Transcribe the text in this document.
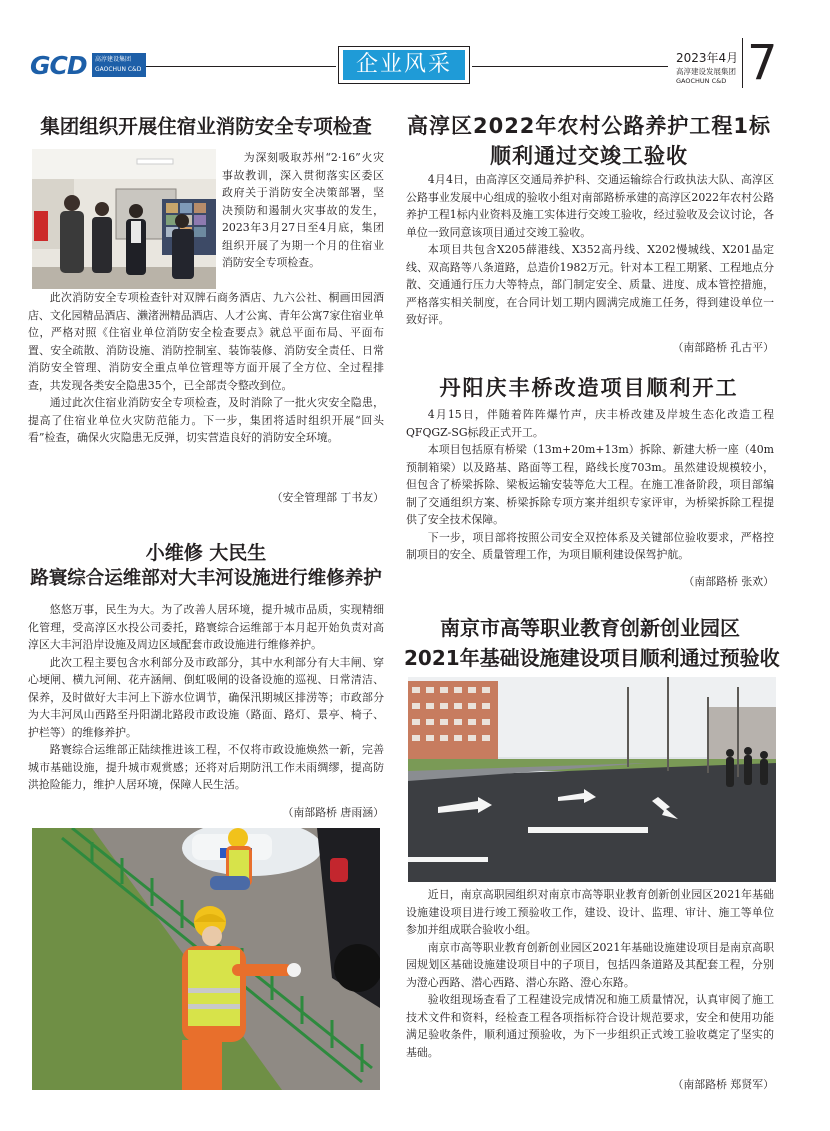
GCD	高淳建设集团
GAOCHUN C&D	企业风采	2023年4月
高淳建设发展集团
GAOCHUN C&D 7
集团组织开展住宿业消防安全专项检查

为深刻吸取苏州“2·16”火灾事故教训，深入贯彻落实区委区政府关于消防安全决策部署，坚决预防和遏制火灾事故的发生，2023年3月27日至4月底，集团组织开展了为期一个月的住宿业消防安全专项检查。

此次消防安全专项检查针对双牌石商务酒店、九六公社、桐画田园酒店、文化园精品酒店、濑渚洲精品酒店、人才公寓、青年公寓7家住宿业单位，严格对照《住宿业单位消防安全检查要点》就总平面布局、平面布置、安全疏散、消防设施、消防控制室、装饰装修、消防安全责任、日常消防安全管理、消防安全重点单位管理等方面开展了全方位、全过程排查，共发现各类安全隐患35个，已全部责令整改到位。

通过此次住宿业消防安全专项检查，及时消除了一批火灾安全隐患，提高了住宿业单位火灾防范能力。下一步，集团将适时组织开展“回头看”检查，确保火灾隐患无反弹，切实营造良好的消防安全环境。

（安全管理部 丁书友）
小维修 大民生
路寰综合运维部对大丰河设施进行维修养护

悠悠万事，民生为大。为了改善人居环境，提升城市品质，实现精细化管理，受高淳区水投公司委托，路寰综合运维部于本月起开始负责对高淳区大丰河沿岸设施及周边区域配套市政设施进行维修养护。

此次工程主要包含水利部分及市政部分，其中水利部分有大丰闸、穿心埂闸、横九河闸、花卉涵闸、倒虹吸闸的设备设施的巡视、日常清洁、保养，及时做好大丰河上下游水位调节，确保汛期城区排涝等；市政部分为大丰河凤山西路至丹阳湖北路段市政设施（路面、路灯、景亭、椅子、护栏等）的维修养护。

路寰综合运维部正陆续推进该工程，不仅将市政设施焕然一新，完善城市基础设施，提升城市观赏感；还将对后期防汛工作未雨绸缪，提高防洪抢险能力，维护人居环境，保障人民生活。

（南部路桥 唐雨涵）
高淳区2022年农村公路养护工程1标
顺利通过交竣工验收

4月4日，由高淳区交通局养护科、交通运输综合行政执法大队、高淳区公路事业发展中心组成的验收小组对南部路桥承建的高淳区2022年农村公路养护工程1标内业资料及施工实体进行交竣工验收，经过验收及会议讨论，各单位一致同意该项目通过交竣工验收。

本项目共包含X205薛港线、X352高丹线、X202慢城线、X201晶定线、双高路等八条道路，总造价1982万元。针对本工程工期紧、工程地点分散、交通通行压力大等特点，部门制定安全、质量、进度、成本管控措施，严格落实相关制度，在合同计划工期内圆满完成施工任务，得到建设单位一致好评。

（南部路桥 孔古平）
丹阳庆丰桥改造项目顺利开工

4月15日，伴随着阵阵爆竹声，庆丰桥改建及岸坡生态化改造工程QFQGZ-SG标段正式开工。

本项目包括原有桥梁（13m+20m+13m）拆除、新建大桥一座（40m预制箱梁）以及路基、路面等工程，路线长度703m。虽然建设规模较小，但包含了桥梁拆除、梁板运输安装等危大工程。在施工准备阶段，项目部编制了交通组织方案、桥梁拆除专项方案并组织专家评审，为桥梁拆除工程提供了安全技术保障。

下一步，项目部将按照公司安全双控体系及关键部位验收要求，严格控制项目的安全、质量管理工作，为项目顺利建设保驾护航。

（南部路桥 张欢）
南京市高等职业教育创新创业园区
2021年基础设施建设项目顺利通过预验收

近日，南京高职园组织对南京市高等职业教育创新创业园区2021年基础设施建设项目进行竣工预验收工作，建设、设计、监理、审计、施工等单位参加并组成联合验收小组。

南京市高等职业教育创新创业园区2021年基础设施建设项目是南京高职园规划区基础设施建设项目中的子项目，包括四条道路及其配套工程，分别为澄心西路、潜心西路、潜心东路、澄心东路。

验收组现场查看了工程建设完成情况和施工质量情况，认真审阅了施工技术文件和资料，经检查工程各项指标符合设计规范要求，安全和使用功能满足验收条件，顺利通过预验收，为下一步组织正式竣工验收奠定了坚实的基础。

（南部路桥 郑贤军）
